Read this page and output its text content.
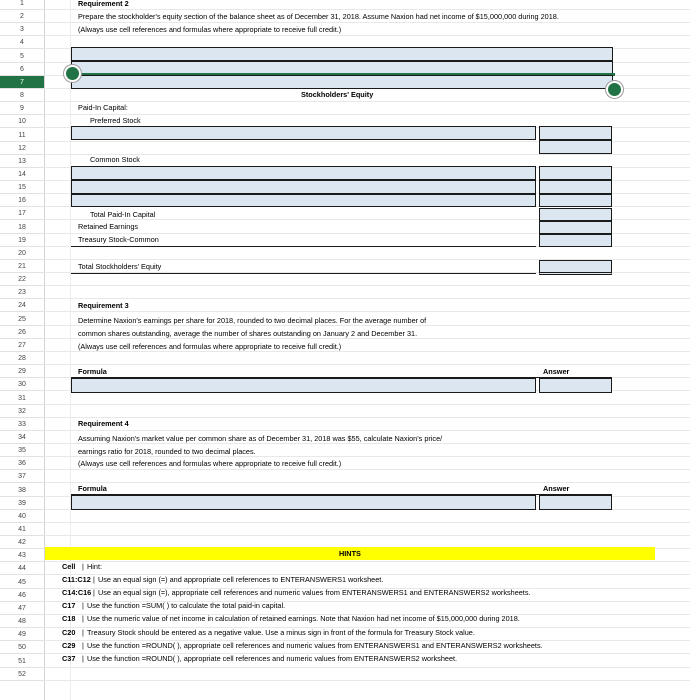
1
2
3
4
5
6
7
8
9
10
11
12
13
14
15
16
17
18
19
20
21
22
23
24
25
26
27
28
29
30
31
32
33
34
35
36
37
38
39
40
41
42
43
44
45
46
47
48
49
50
51
52
Requirement 2
Prepare the stockholder's equity section of the balance sheet as of December 31, 2018. Assume Naxion had net income of $15,000,000 during 2018.
(Always use cell references and formulas where appropriate to receive full credit.)
Stockholders' Equity
Paid-In Capital:
Preferred Stock
Common Stock
Total Paid-In Capital
Retained Earnings
Treasury Stock-Common
Total Stockholders' Equity
Requirement 3
Determine Naxion's earnings per share for 2018, rounded to two decimal places. For the average number of
common shares outstanding, average the number of shares outstanding on January 2 and December 31.
(Always use cell references and formulas where appropriate to receive full credit.)
Formula	Answer
Requirement 4
Assuming Naxion's market value per common share as of December 31, 2018 was $55, calculate Naxion's price/
earnings ratio for 2018, rounded to two decimal places.
(Always use cell references and formulas where appropriate to receive full credit.)
Formula	Answer
HINTS
Cell | Hint:
C11:C12 | Use an equal sign (=) and appropriate cell references to ENTERANSWERS1 worksheet.
C14:C16 | Use an equal sign (=), appropriate cell references and numeric values from ENTERANSWERS1 and ENTERANSWERS2 worksheets.
C17 | Use the function =SUM( ) to calculate the total paid-in capital.
C18 | Use the numeric value of net income in calculation of retained earnings. Note that Naxion had net income of $15,000,000 during 2018.
C20 | Treasury Stock should be entered as a negative value. Use a minus sign in front of the formula for Treasury Stock value.
C29 | Use the function =ROUND( ), appropriate cell references and numeric values from ENTERANSWERS1 and ENTERANSWERS2 worksheets.
C37 | Use the function =ROUND( ), appropriate cell references and numeric values from ENTERANSWERS2 worksheet.
